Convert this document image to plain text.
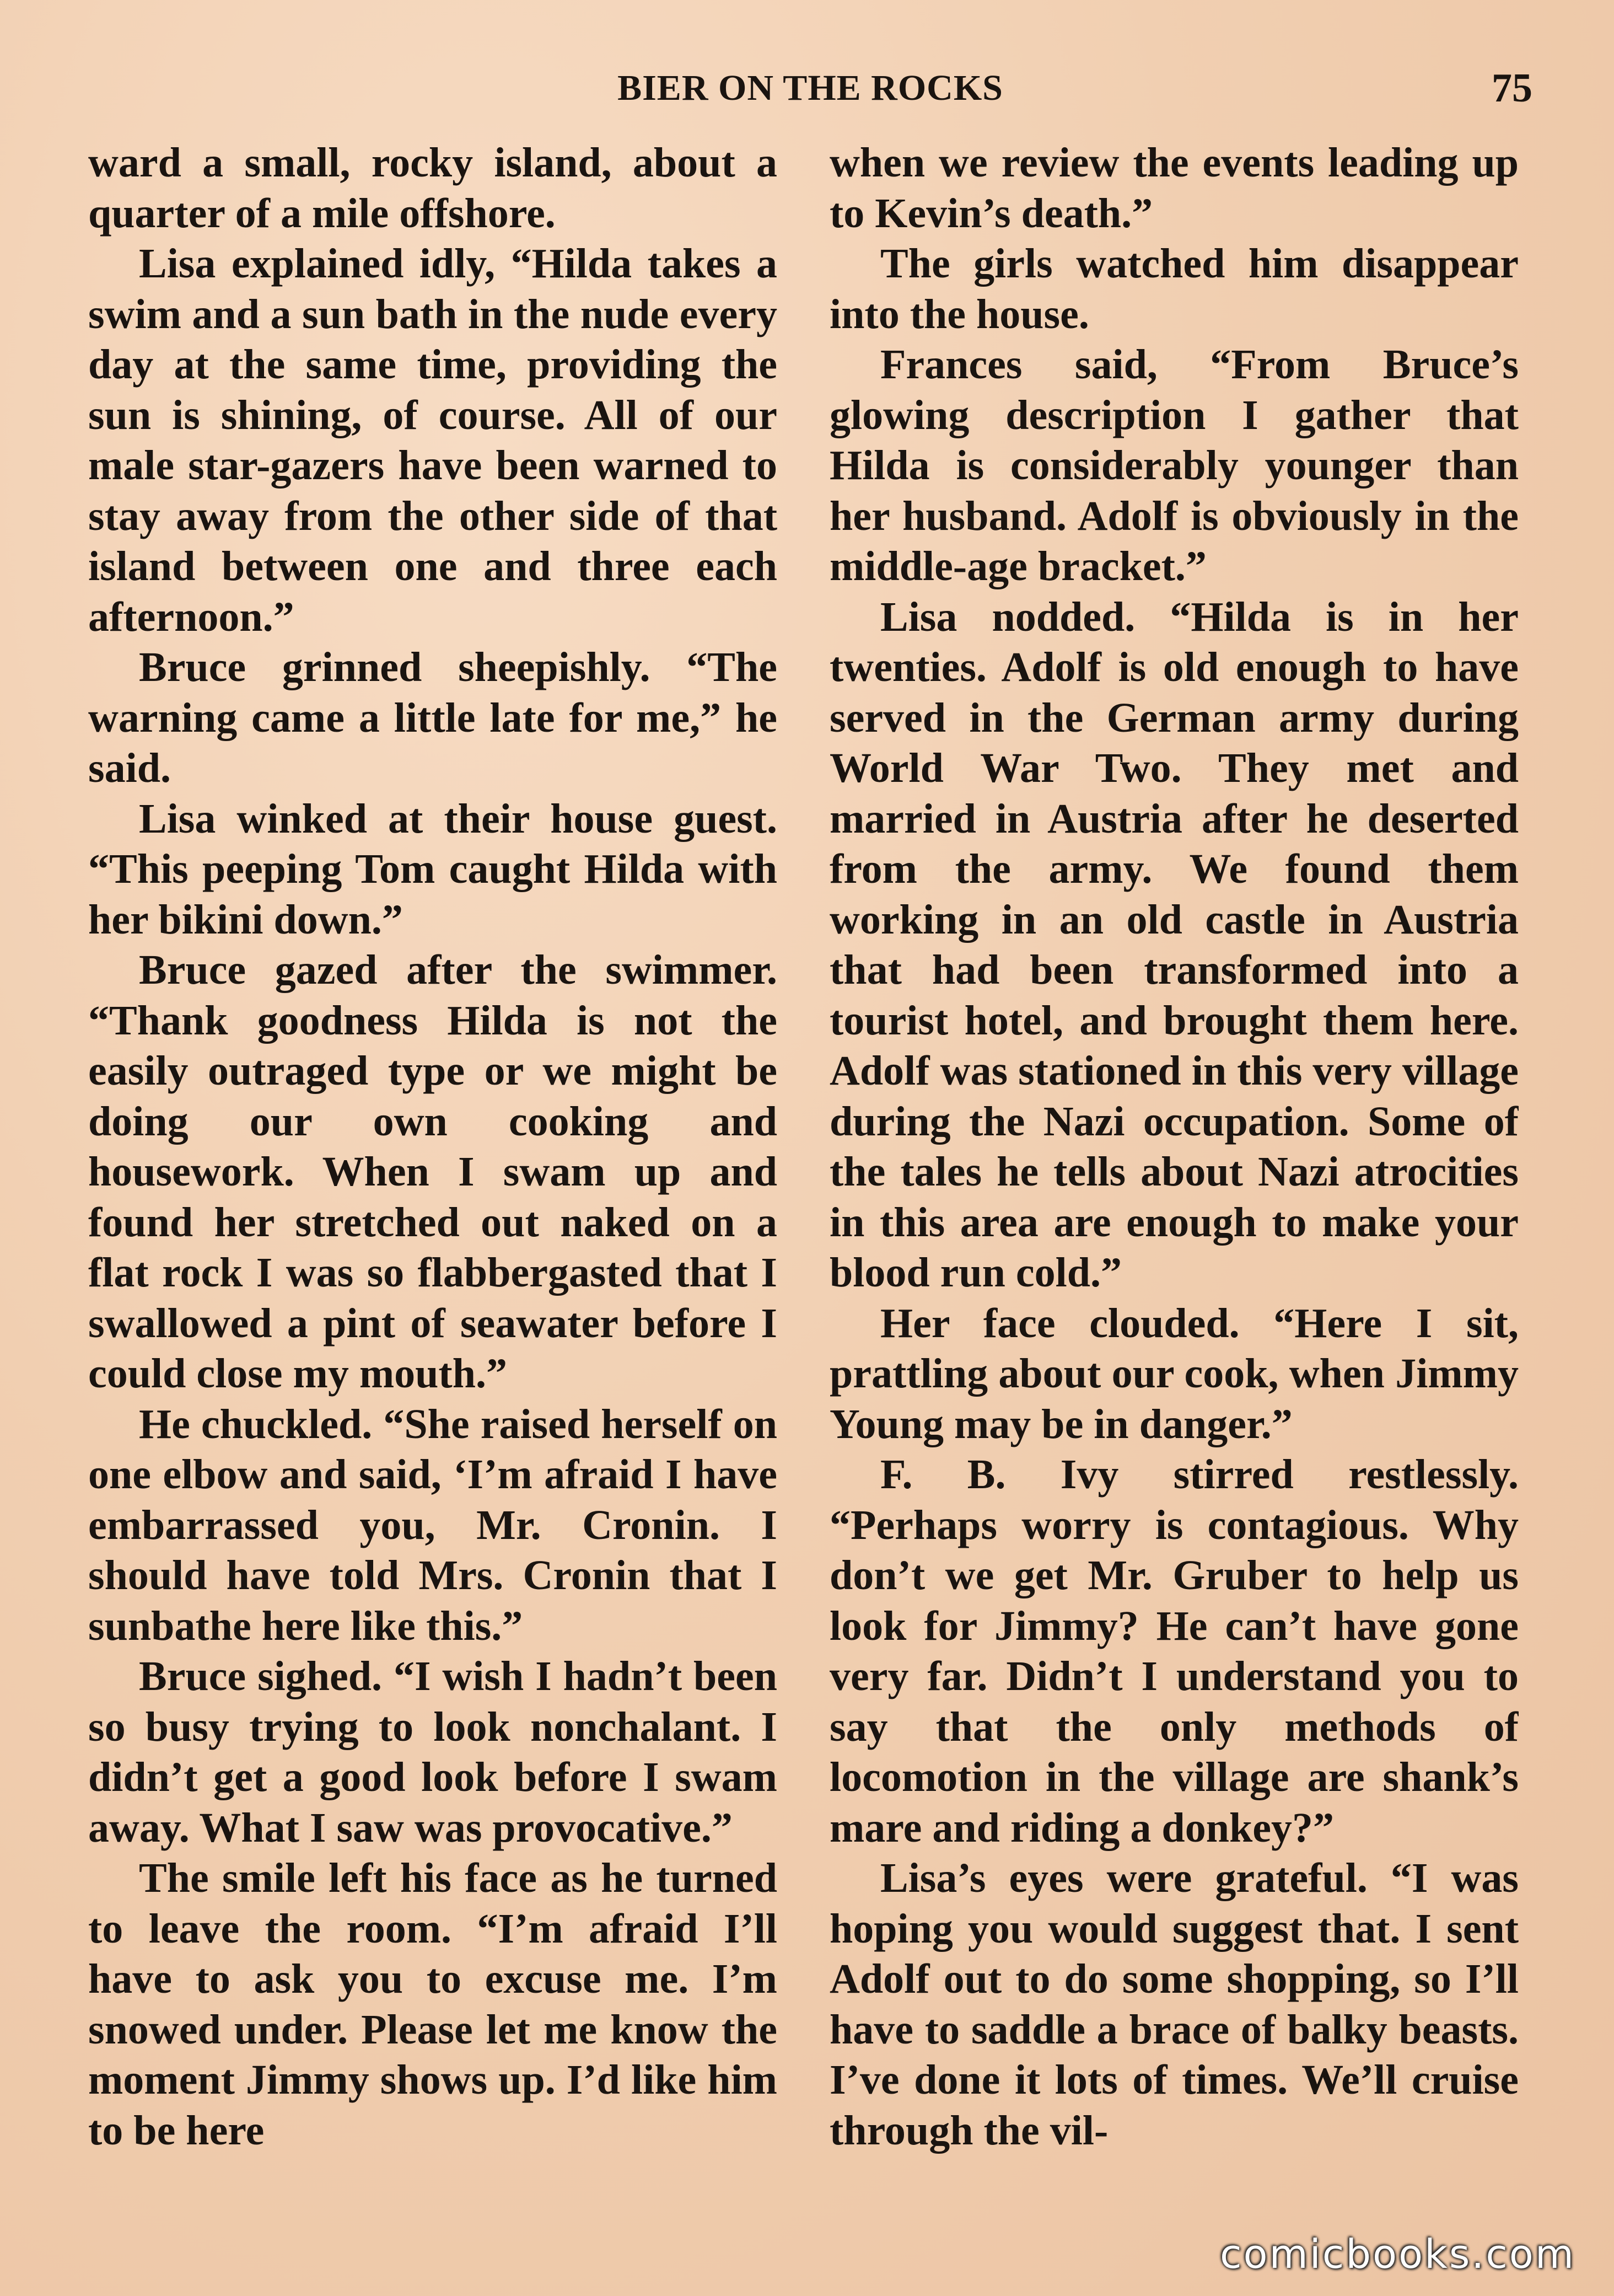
BIER ON THE ROCKS	75

ward a small, rocky island, about a quarter of a mile offshore.

Lisa explained idly, “Hilda takes a swim and a sun bath in the nude every day at the same time, providing the sun is shining, of course. All of our male star-gazers have been warned to stay away from the other side of that island between one and three each afternoon.”

Bruce grinned sheepishly. “The warning came a little late for me,” he said.

Lisa winked at their house guest. “This peeping Tom caught Hilda with her bikini down.”

Bruce gazed after the swimmer. “Thank goodness Hilda is not the easily outraged type or we might be doing our own cooking and housework. When I swam up and found her stretched out naked on a flat rock I was so flabbergasted that I swallowed a pint of seawater before I could close my mouth.”

He chuckled. “She raised herself on one elbow and said, ‘I’m afraid I have embarrassed you, Mr. Cronin. I should have told Mrs. Cronin that I sunbathe here like this.”

Bruce sighed. “I wish I hadn’t been so busy trying to look nonchalant. I didn’t get a good look before I swam away. What I saw was provocative.”

The smile left his face as he turned to leave the room. “I’m afraid I’ll have to ask you to excuse me. I’m snowed under. Please let me know the moment Jimmy shows up. I’d like him to be here

when we review the events leading up to Kevin’s death.”

The girls watched him disappear into the house.

Frances said, “From Bruce’s glowing description I gather that Hilda is considerably younger than her husband. Adolf is obviously in the middle-age bracket.”

Lisa nodded. “Hilda is in her twenties. Adolf is old enough to have served in the German army during World War Two. They met and married in Austria after he deserted from the army. We found them working in an old castle in Austria that had been transformed into a tourist hotel, and brought them here. Adolf was stationed in this very village during the Nazi occupation. Some of the tales he tells about Nazi atrocities in this area are enough to make your blood run cold.”

Her face clouded. “Here I sit, prattling about our cook, when Jimmy Young may be in danger.”

F. B. Ivy stirred restlessly. “Perhaps worry is contagious. Why don’t we get Mr. Gruber to help us look for Jimmy? He can’t have gone very far. Didn’t I understand you to say that the only methods of locomotion in the village are shank’s mare and riding a donkey?”

Lisa’s eyes were grateful. “I was hoping you would suggest that. I sent Adolf out to do some shopping, so I’ll have to saddle a brace of balky beasts. I’ve done it lots of times. We’ll cruise through the vil-

comicbooks.com
